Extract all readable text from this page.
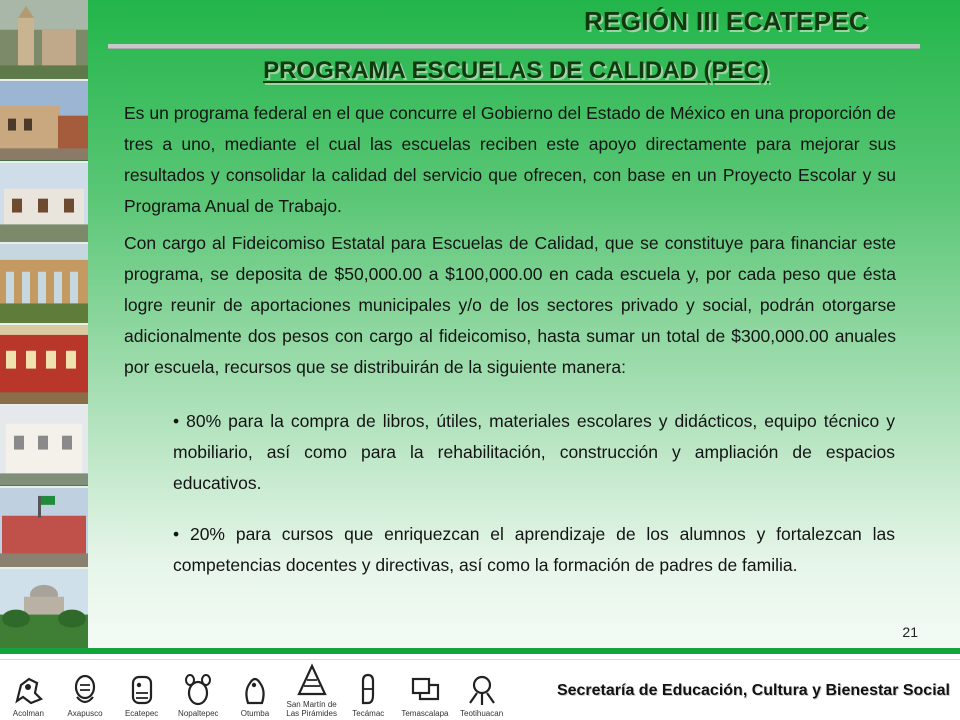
REGIÓN III ECATEPEC
PROGRAMA ESCUELAS DE CALIDAD (PEC)

Es un programa federal en el que concurre el Gobierno del Estado de México en una proporción de tres a uno, mediante el cual las escuelas reciben este apoyo directamente para mejorar sus resultados y consolidar la calidad del servicio que ofrecen, con base en un Proyecto Escolar y su Programa Anual de Trabajo.

Con cargo al Fideicomiso Estatal para Escuelas de Calidad, que se constituye para financiar este programa, se deposita de $50,000.00 a $100,000.00 en cada escuela y, por cada peso que ésta logre reunir de aportaciones municipales y/o de los sectores privado y social, podrán otorgarse adicionalmente dos pesos con cargo al fideicomiso, hasta sumar un total de $300,000.00 anuales por escuela, recursos que se distribuirán de la siguiente manera:

• 80% para la compra de libros, útiles, materiales escolares y didácticos, equipo técnico y mobiliario, así como para la rehabilitación, construcción y ampliación de espacios educativos.

• 20% para cursos que enriquezcan el aprendizaje de los alumnos y fortalezcan las competencias docentes y directivas, así como la formación de padres de familia.

21
Acolman	Axapusco	Ecatepec Nopaltepec	Otumba
San Martín de
Las Pirámides Tecámac Temascalapa Teotihuacan
Secretaría de Educación, Cultura y Bienestar Social
